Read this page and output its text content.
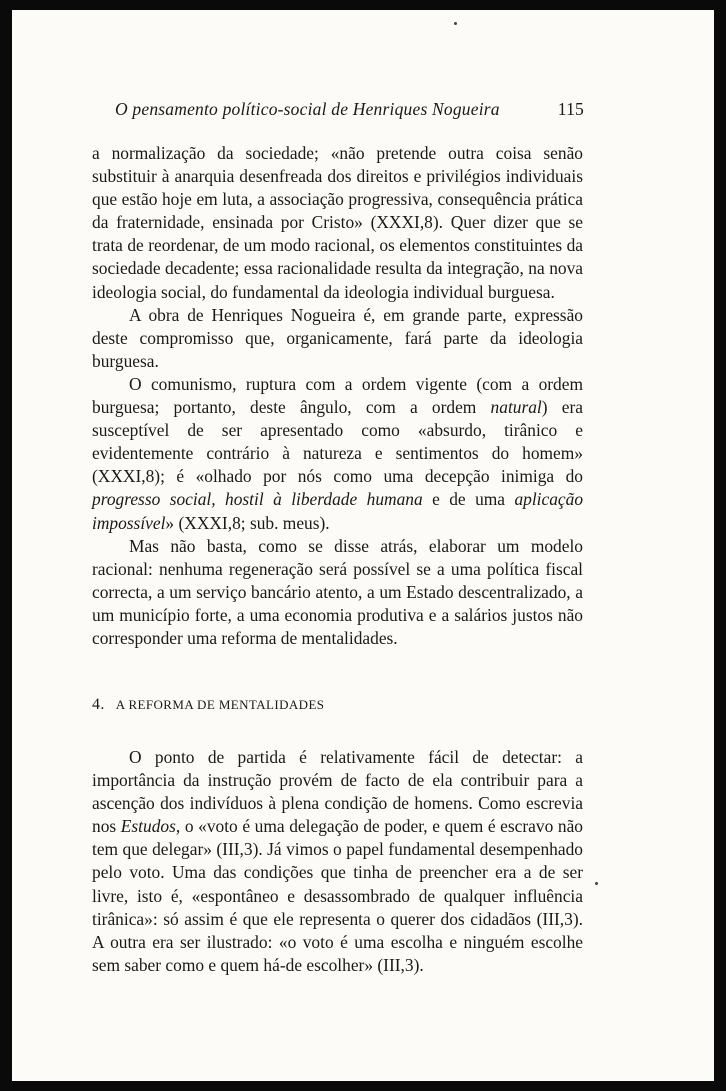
O pensamento político-social de Henriques Nogueira	115

a normalização da sociedade; «não pretende outra coisa senão substituir à anarquia desenfreada dos direitos e privilégios individuais que estão hoje em luta, a associação progressiva, consequência prática da fraternidade, ensinada por Cristo» (XXXI,8). Quer dizer que se trata de reordenar, de um modo racional, os elementos constituintes da sociedade decadente; essa racionalidade resulta da integração, na nova ideologia social, do fundamental da ideologia individual burguesa.

A obra de Henriques Nogueira é, em grande parte, expressão deste compromisso que, organicamente, fará parte da ideologia burguesa.

O comunismo, ruptura com a ordem vigente (com a ordem burguesa; portanto, deste ângulo, com a ordem natural) era susceptível de ser apresentado como «absurdo, tirânico e evidentemente contrário à natureza e sentimentos do homem» (XXXI,8); é «olhado por nós como uma decepção inimiga do progresso social, hostil à liberdade humana e de uma aplicação impossível» (XXXI,8; sub. meus).

Mas não basta, como se disse atrás, elaborar um modelo racional: nenhuma regeneração será possível se a uma política fiscal correcta, a um serviço bancário atento, a um Estado descentralizado, a um município forte, a uma economia produtiva e a salários justos não corresponder uma reforma de mentalidades.

4. A REFORMA DE MENTALIDADES

O ponto de partida é relativamente fácil de detectar: a importância da instrução provém de facto de ela contribuir para a ascenção dos indivíduos à plena condição de homens. Como escrevia nos Estudos, o «voto é uma delegação de poder, e quem é escravo não tem que delegar» (III,3). Já vimos o papel fundamental desempenhado pelo voto. Uma das condições que tinha de preencher era a de ser livre, isto é, «espontâneo e desassombrado de qualquer influência tirânica»: só assim é que ele representa o querer dos cidadãos (III,3). A outra era ser ilustrado: «o voto é uma escolha e ninguém escolhe sem saber como e quem há-de escolher» (III,3).
